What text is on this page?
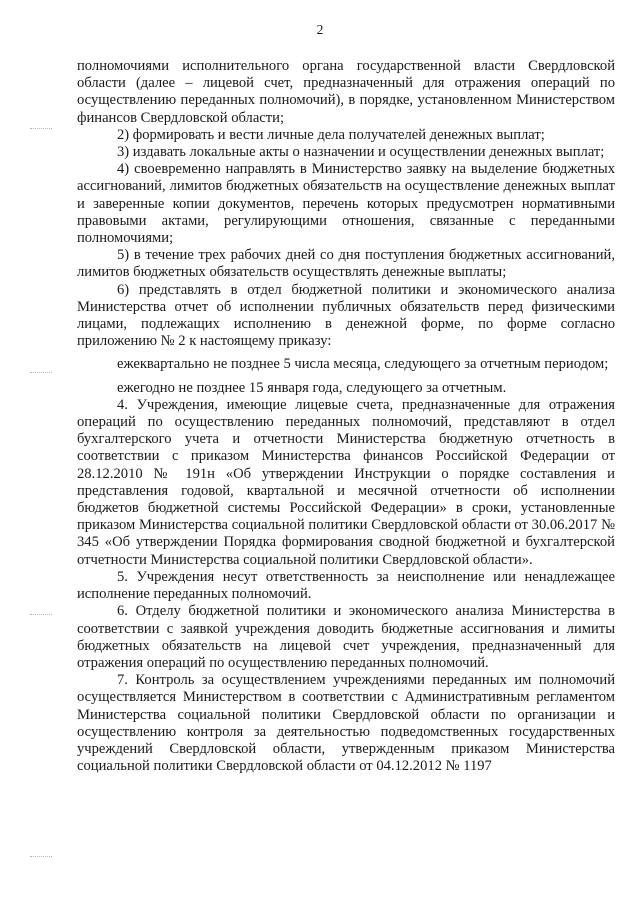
2

полномочиями исполнительного органа государственной власти Свердловской области (далее – лицевой счет, предназначенный для отражения операций по осуществлению переданных полномочий), в порядке, установленном Министерством финансов Свердловской области;

2) формировать и вести личные дела получателей денежных выплат;

3) издавать локальные акты о назначении и осуществлении денежных выплат;

4) своевременно направлять в Министерство заявку на выделение бюджетных ассигнований, лимитов бюджетных обязательств на осуществление денежных выплат и заверенные копии документов, перечень которых предусмотрен нормативными правовыми актами, регулирующими отношения, связанные с переданными полномочиями;

5) в течение трех рабочих дней со дня поступления бюджетных ассигнований, лимитов бюджетных обязательств осуществлять денежные выплаты;

6) представлять в отдел бюджетной политики и экономического анализа Министерства отчет об исполнении публичных обязательств перед физическими лицами, подлежащих исполнению в денежной форме, по форме согласно приложению № 2 к настоящему приказу:

ежеквартально не позднее 5 числа месяца, следующего за отчетным периодом;

ежегодно не позднее 15 января года, следующего за отчетным.

4. Учреждения, имеющие лицевые счета, предназначенные для отражения операций по осуществлению переданных полномочий, представляют в отдел бухгалтерского учета и отчетности Министерства бюджетную отчетность в соответствии с приказом Министерства финансов Российской Федерации от 28.12.2010 № 191н «Об утверждении Инструкции о порядке составления и представления годовой, квартальной и месячной отчетности об исполнении бюджетов бюджетной системы Российской Федерации» в сроки, установленные приказом Министерства социальной политики Свердловской области от 30.06.2017 № 345 «Об утверждении Порядка формирования сводной бюджетной и бухгалтерской отчетности Министерства социальной политики Свердловской области».

5. Учреждения несут ответственность за неисполнение или ненадлежащее исполнение переданных полномочий.

6. Отделу бюджетной политики и экономического анализа Министерства в соответствии с заявкой учреждения доводить бюджетные ассигнования и лимиты бюджетных обязательств на лицевой счет учреждения, предназначенный для отражения операций по осуществлению переданных полномочий.

7. Контроль за осуществлением учреждениями переданных им полномочий осуществляется Министерством в соответствии с Административным регламентом Министерства социальной политики Свердловской области по организации и осуществлению контроля за деятельностью подведомственных государственных учреждений Свердловской области, утвержденным приказом Министерства социальной политики Свердловской области от 04.12.2012 № 1197
